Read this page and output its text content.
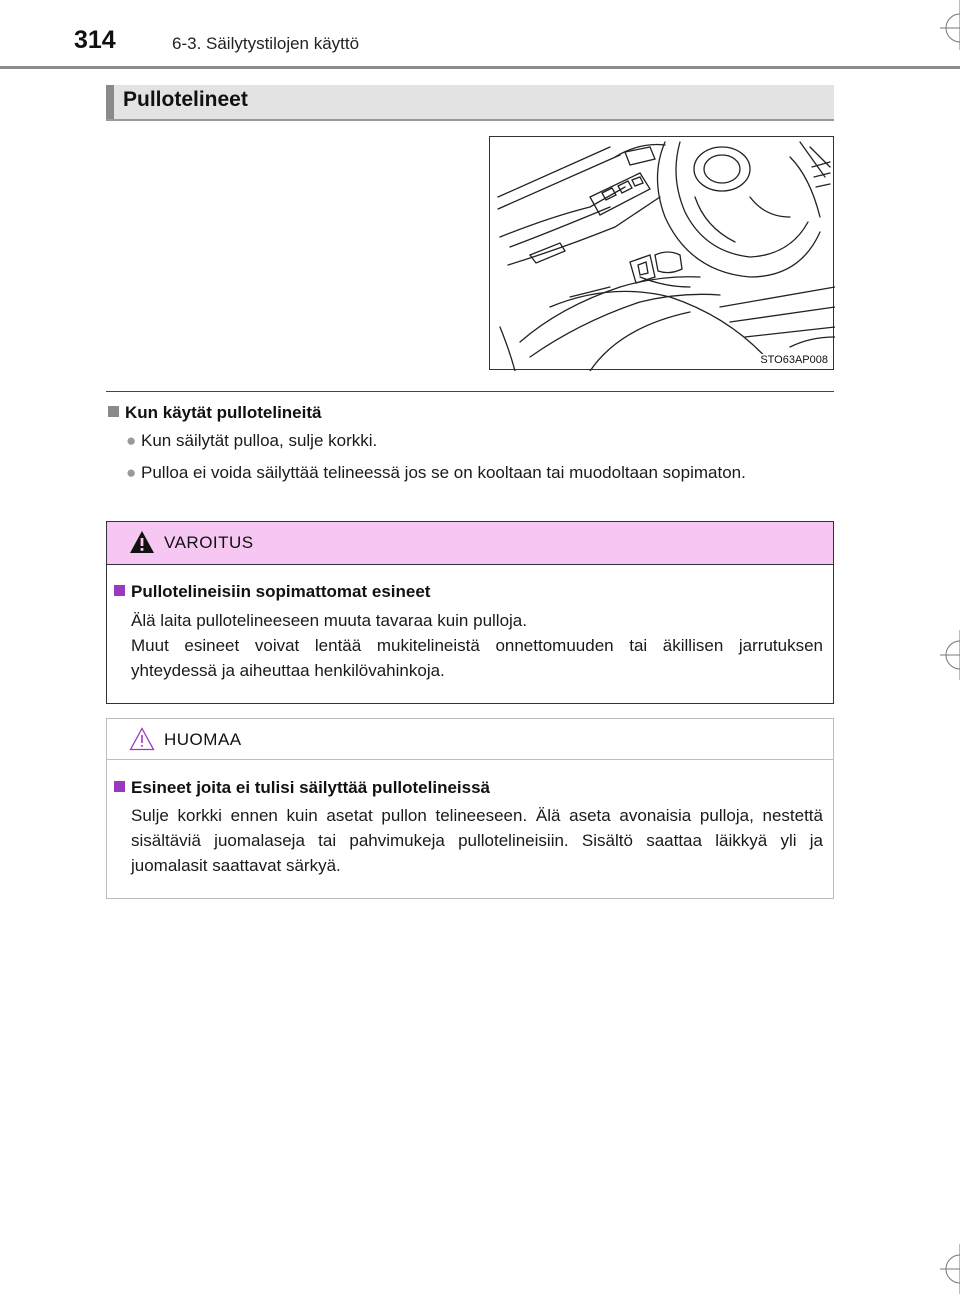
314	6-3. Säilytystilojen käyttö
Pullotelineet
STO63AP008
Kun käytät pullotelineitä
● Kun säilytät pulloa, sulje korkki.
● Pulloa ei voida säilyttää telineessä jos se on kooltaan tai muodoltaan sopimaton.
VAROITUS
Pullotelineisiin sopimattomat esineet

Älä laita pullotelineeseen muuta tavaraa kuin pulloja.

Muut esineet voivat lentää mukitelineistä onnettomuuden tai äkillisen jarrutuksen yhteydessä ja aiheuttaa henkilövahinkoja.

HUOMAA
Esineet joita ei tulisi säilyttää pullotelineissä

Sulje korkki ennen kuin asetat pullon telineeseen. Älä aseta avonaisia pulloja, nestettä sisältäviä juomalaseja tai pahvimukeja pullotelineisiin. Sisältö saattaa läikkyä yli ja juomalasit saattavat särkyä.
